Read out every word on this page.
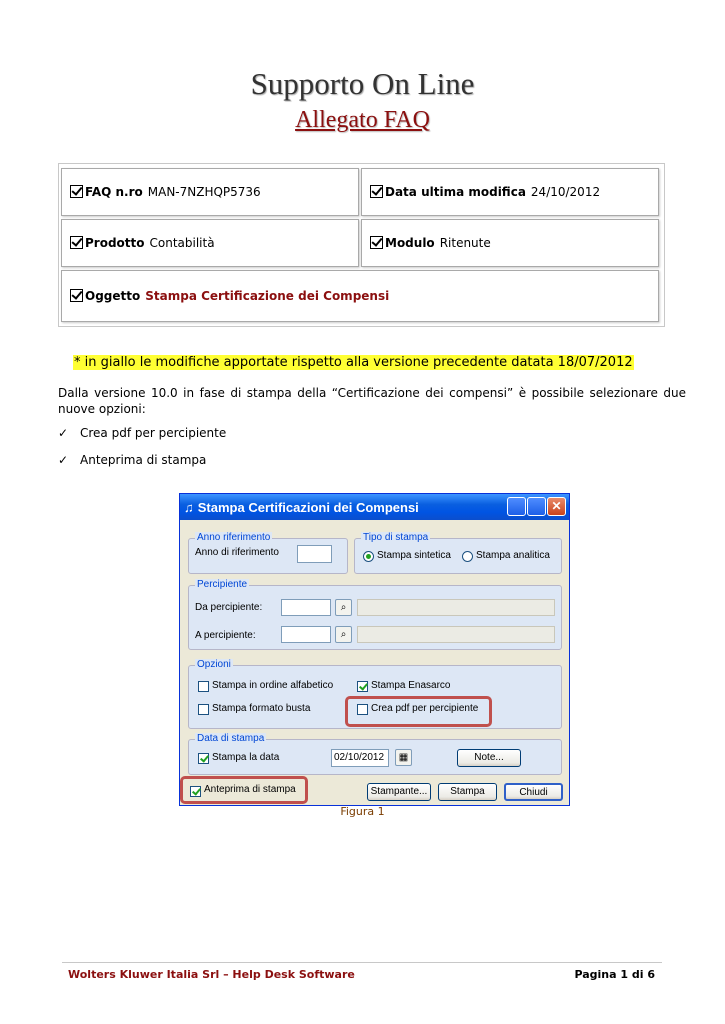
Supporto On Line
Allegato FAQ
FAQ n.ro MAN-7NZHQP5736	Data ultima modifica 24/10/2012
Prodotto Contabilità	Modulo Ritenute
Oggetto Stampa Certificazione dei Compensi
* in giallo le modifiche apportate rispetto alla versione precedente datata 18/07/2012
Dalla versione 10.0 in fase di stampa della “Certificazione dei compensi” è possibile selezionare due nuove opzioni:
✓ Crea pdf per percipiente
✓ Anteprima di stampa
♫ Stampa Certificazioni dei Compensi	✕
Anno riferimento
Anno di riferimento
Tipo di stampa
Stampa sintetica	Stampa analitica
Percipiente
Da percipiente:	⌕
A percipiente:	⌕
Opzioni
Stampa in ordine alfabetico	Stampa Enasarco
Stampa formato busta	Crea pdf per percipiente
Data di stampa
Stampa la data	02/10/2012	▦	Note...
Anteprima di stampa	Stampante...	Stampa	Chiudi
Figura 1
Wolters Kluwer Italia Srl – Help Desk Software	Pagina 1 di 6
